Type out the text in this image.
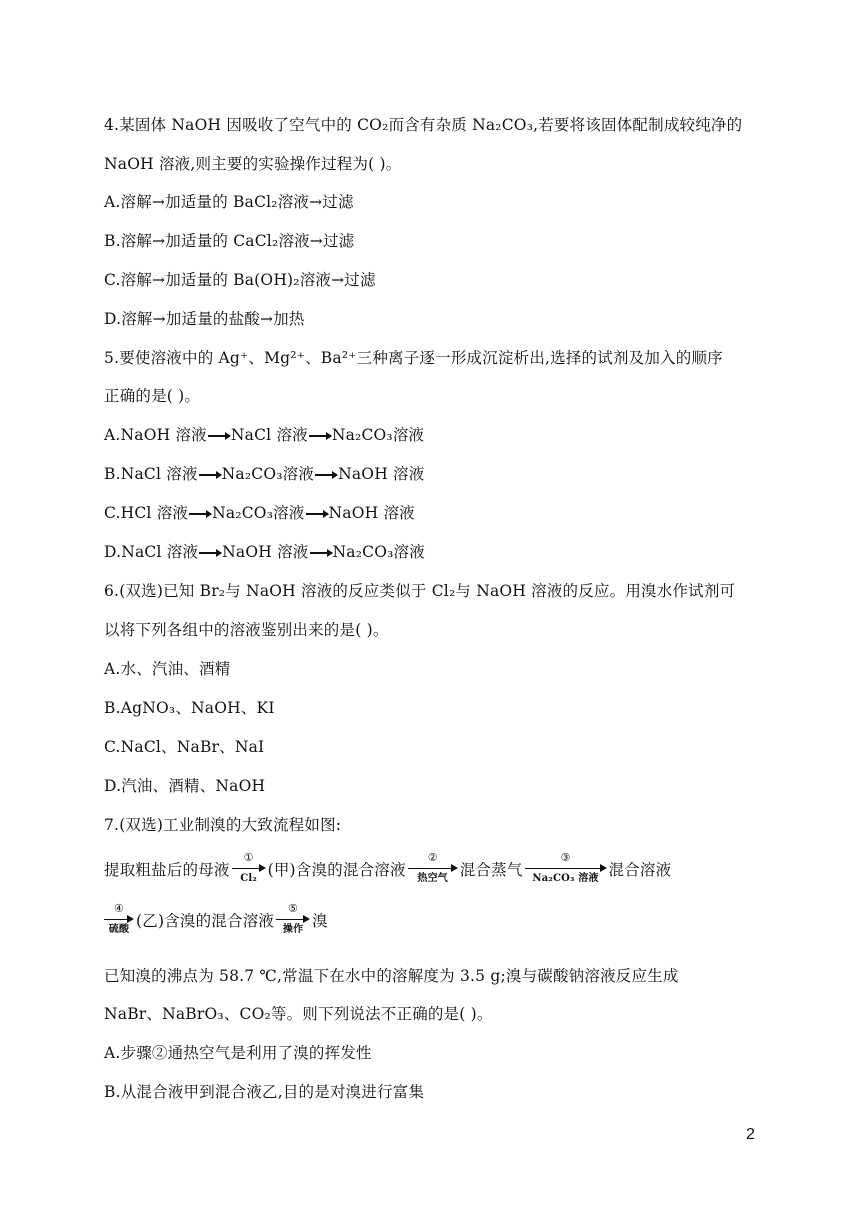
4.某固体 NaOH 因吸收了空气中的 CO₂而含有杂质 Na₂CO₃,若要将该固体配制成较纯净的
NaOH 溶液,则主要的实验操作过程为( )。
A.溶解→加适量的 BaCl₂溶液→过滤
B.溶解→加适量的 CaCl₂溶液→过滤
C.溶解→加适量的 Ba(OH)₂溶液→过滤
D.溶解→加适量的盐酸→加热
5.要使溶液中的 Ag⁺、Mg²⁺、Ba²⁺三种离子逐一形成沉淀析出,选择的试剂及加入的顺序
正确的是( )。
A.NaOH 溶液 NaCl 溶液 Na₂CO₃溶液
B.NaCl 溶液 Na₂CO₃溶液 NaOH 溶液
C.HCl 溶液 Na₂CO₃溶液 NaOH 溶液
D.NaCl 溶液 NaOH 溶液 Na₂CO₃溶液
6.(双选)已知 Br₂与 NaOH 溶液的反应类似于 Cl₂与 NaOH 溶液的反应。用溴水作试剂可
以将下列各组中的溶液鉴别出来的是( )。
A.水、汽油、酒精
B.AgNO₃、NaOH、KI
C.NaCl、NaBr、NaI
D.汽油、酒精、NaOH
7.(双选)工业制溴的大致流程如图:
提取粗盐后的母液
①
Cl₂ (甲)含溴的混合溶液
②
热空气 混合蒸气
③
Na₂CO₃ 溶液 混合溶液
④
硫酸 (乙)含溴的混合溶液
⑤
操作 溴
已知溴的沸点为 58.7 ℃,常温下在水中的溶解度为 3.5 g;溴与碳酸钠溶液反应生成
NaBr、NaBrO₃、CO₂等。则下列说法不正确的是( )。
A.步骤②通热空气是利用了溴的挥发性
B.从混合液甲到混合液乙,目的是对溴进行富集
2
